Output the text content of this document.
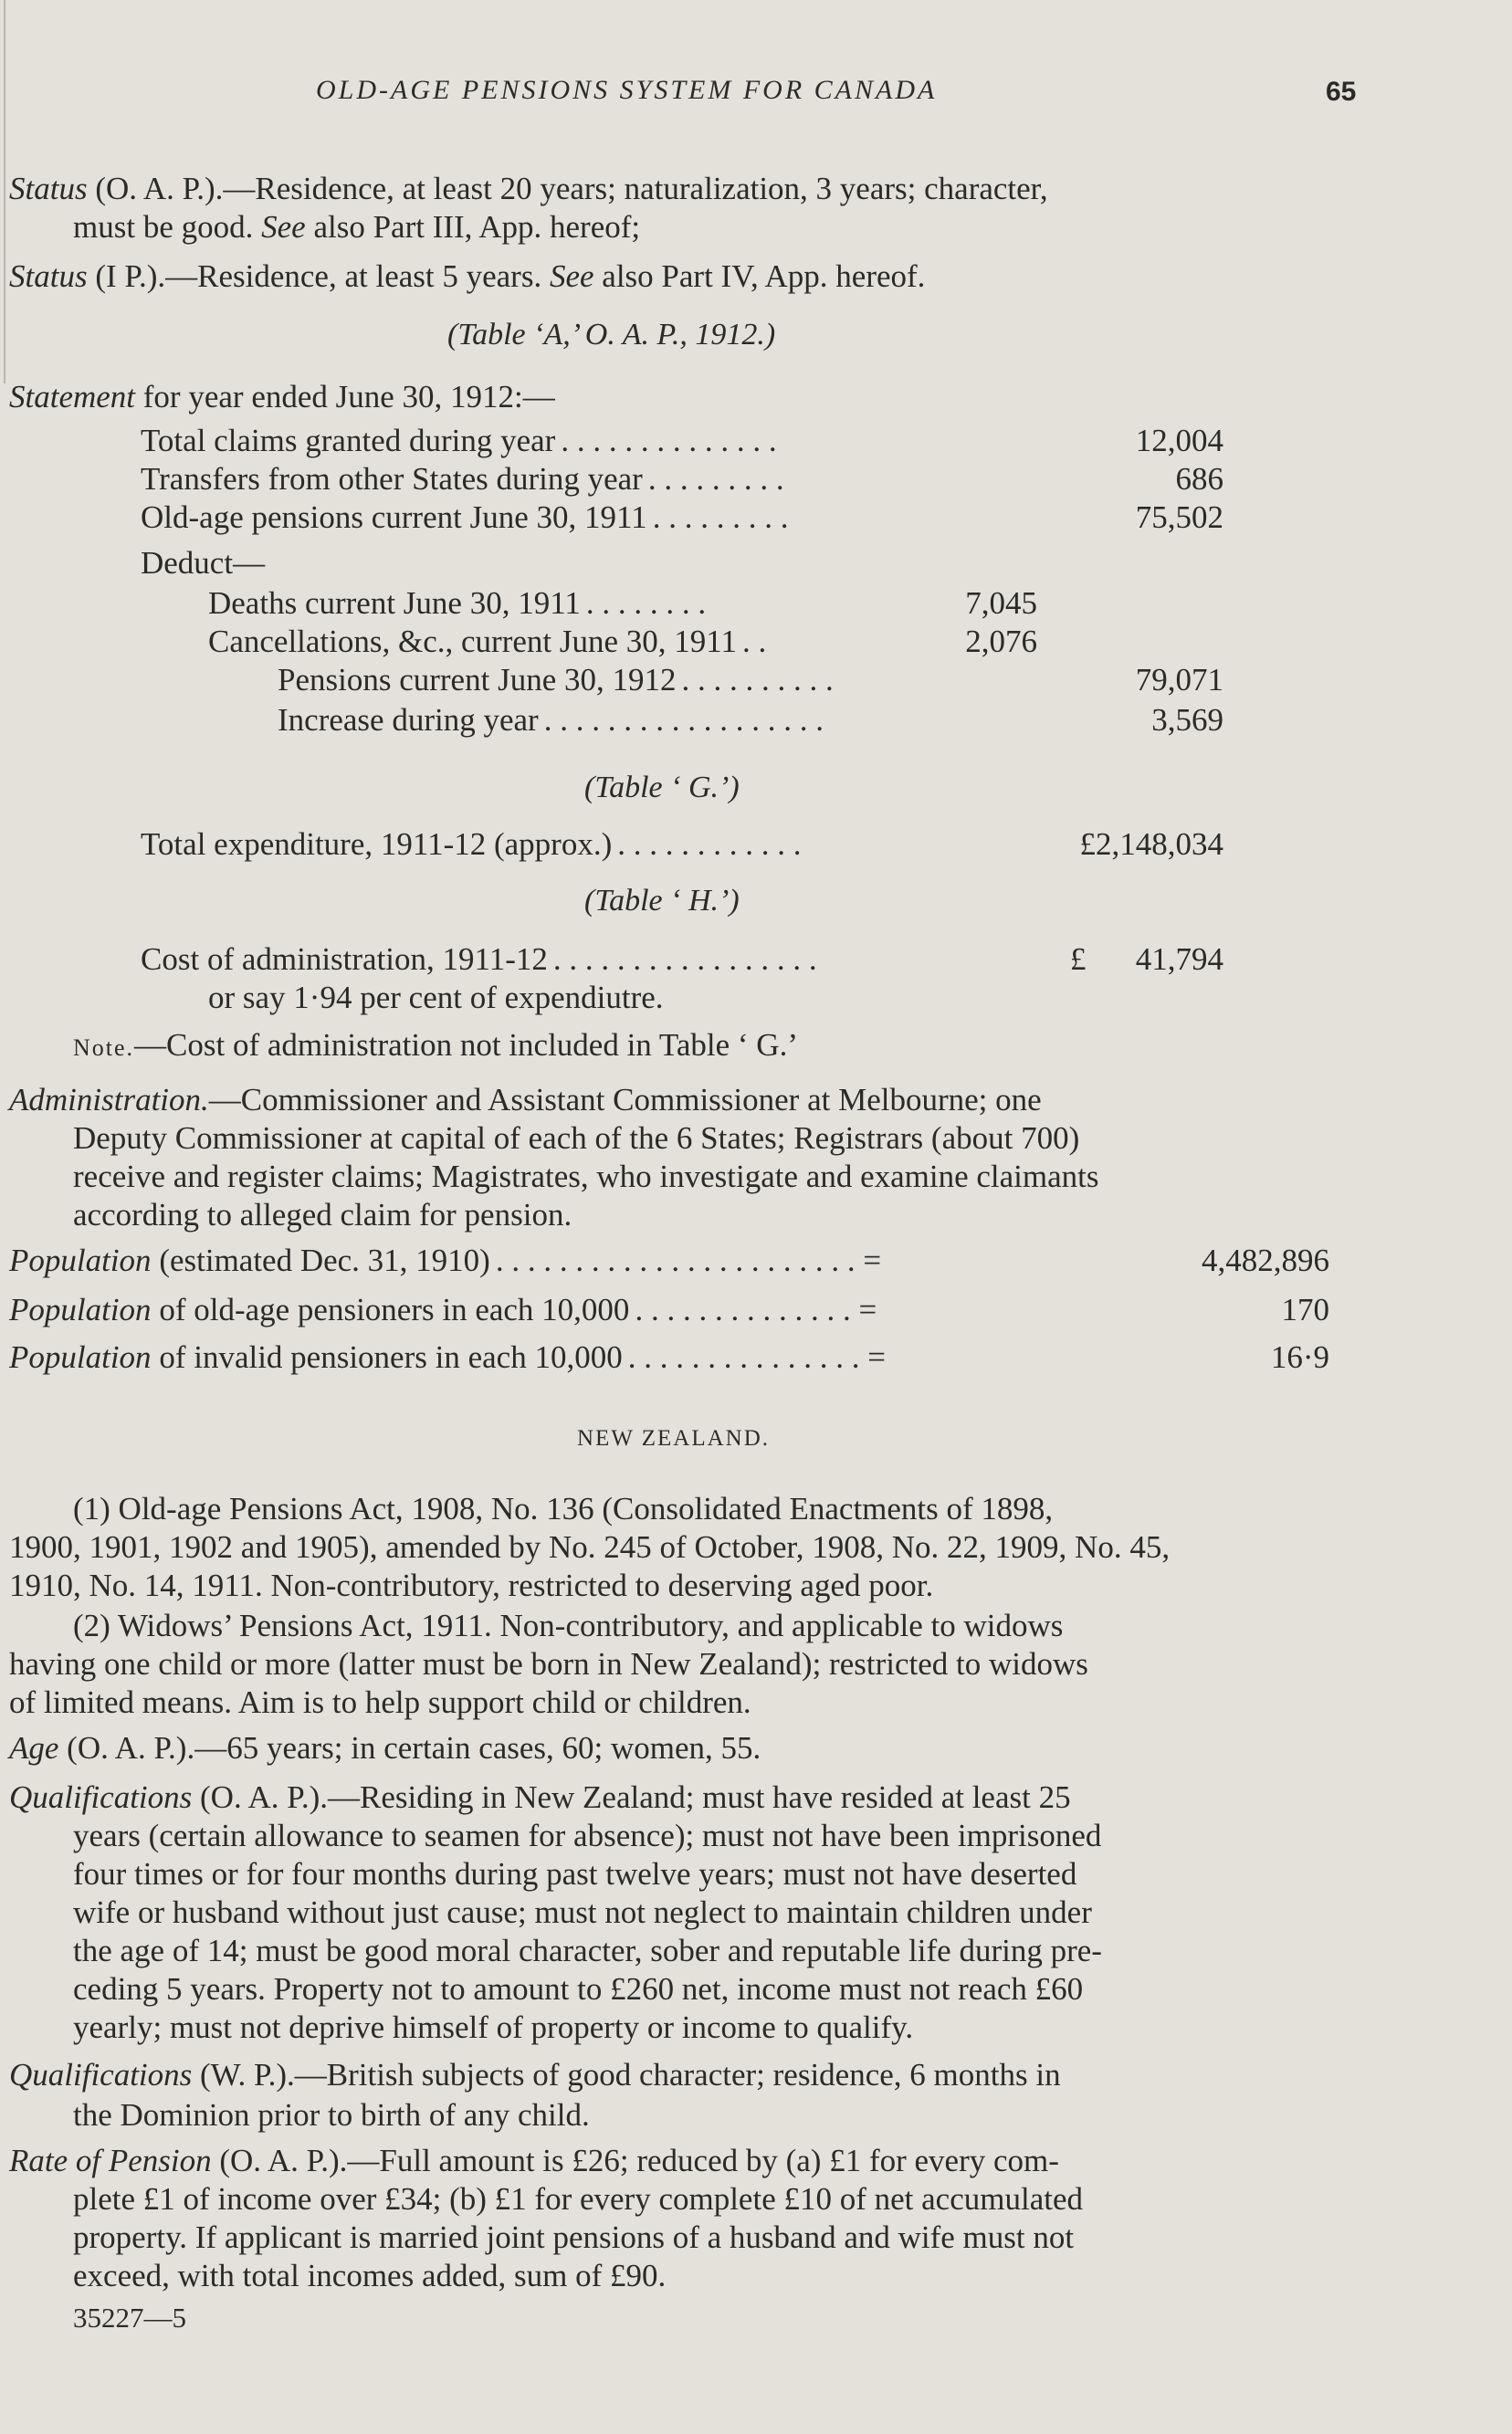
OLD-AGE PENSIONS SYSTEM FOR CANADA	65
Status (O. A. P.).—Residence, at least 20 years; naturalization, 3 years; character,
must be good. See also Part III, App. hereof;
Status (I P.).—Residence, at least 5 years. See also Part IV, App. hereof.
(Table ‘A,’ O. A. P., 1912.)
Statement for year ended June 30, 1912:—
Total claims granted during year . . . . . . . . . . . . . .	12,004
Transfers from other States during year . . . . . . . . .	686
Old-age pensions current June 30, 1911 . . . . . . . . .	75,502
Deduct—
Deaths current June 30, 1911 . . . . . . . .	7,045
Cancellations, &c., current June 30, 1911 . .	2,076
Pensions current June 30, 1912 . . . . . . . . . .	79,071
Increase during year . . . . . . . . . . . . . . . . . .	3,569
(Table ‘ G.’)
Total expenditure, 1911-12 (approx.) . . . . . . . . . . . .	£2,148,034
(Table ‘ H.’)
Cost of administration, 1911-12 . . . . . . . . . . . . . . . . .	£	41,794
or say 1·94 per cent of expendiutre.
Note.—Cost of administration not included in Table ‘ G.’
Administration.—Commissioner and Assistant Commissioner at Melbourne; one
Deputy Commissioner at capital of each of the 6 States; Registrars (about 700)
receive and register claims; Magistrates, who investigate and examine claimants
according to alleged claim for pension.
Population (estimated Dec. 31, 1910) . . . . . . . . . . . . . . . . . . . . . . . =	4,482,896
Population of old-age pensioners in each 10,000 . . . . . . . . . . . . . . =	170
Population of invalid pensioners in each 10,000 . . . . . . . . . . . . . . . =	16·9
NEW ZEALAND.
(1) Old-age Pensions Act, 1908, No. 136 (Consolidated Enactments of 1898,
1900, 1901, 1902 and 1905), amended by No. 245 of October, 1908, No. 22, 1909, No. 45,
1910, No. 14, 1911. Non-contributory, restricted to deserving aged poor.
(2) Widows’ Pensions Act, 1911. Non-contributory, and applicable to widows
having one child or more (latter must be born in New Zealand); restricted to widows
of limited means. Aim is to help support child or children.
Age (O. A. P.).—65 years; in certain cases, 60; women, 55.
Qualifications (O. A. P.).—Residing in New Zealand; must have resided at least 25
years (certain allowance to seamen for absence); must not have been imprisoned
four times or for four months during past twelve years; must not have deserted
wife or husband without just cause; must not neglect to maintain children under
the age of 14; must be good moral character, sober and reputable life during pre-
ceding 5 years. Property not to amount to £260 net, income must not reach £60
yearly; must not deprive himself of property or income to qualify.
Qualifications (W. P.).—British subjects of good character; residence, 6 months in
the Dominion prior to birth of any child.
Rate of Pension (O. A. P.).—Full amount is £26; reduced by (a) £1 for every com-
plete £1 of income over £34; (b) £1 for every complete £10 of net accumulated
property. If applicant is married joint pensions of a husband and wife must not
exceed, with total incomes added, sum of £90.
35227—5
